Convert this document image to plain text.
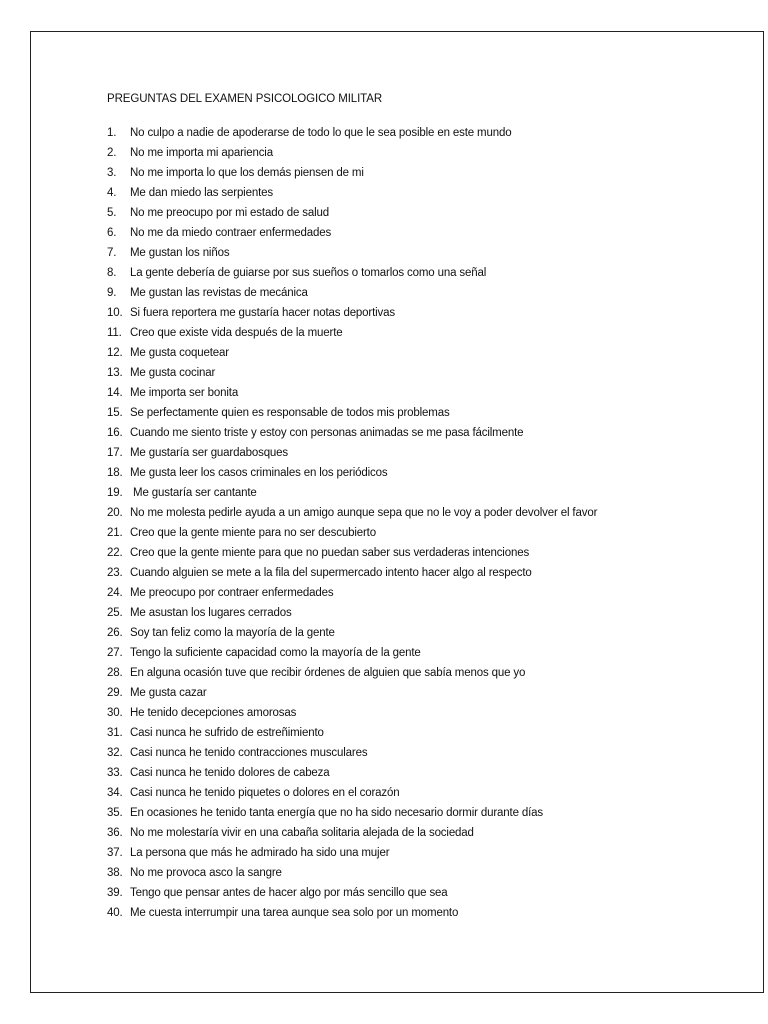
PREGUNTAS DEL EXAMEN PSICOLOGICO MILITAR
1. No culpo a nadie de apoderarse de todo lo que le sea posible en este mundo
2. No me importa mi apariencia
3. No me importa lo que los demás piensen de mi
4. Me dan miedo las serpientes
5. No me preocupo por mi estado de salud
6. No me da miedo contraer enfermedades
7. Me gustan los niños
8. La gente debería de guiarse por sus sueños o tomarlos como una señal
9. Me gustan las revistas de mecánica
10. Si fuera reportera me gustaría hacer notas deportivas
11. Creo que existe vida después de la muerte
12. Me gusta coquetear
13. Me gusta cocinar
14. Me importa ser bonita
15. Se perfectamente quien es responsable de todos mis problemas
16. Cuando me siento triste y estoy con personas animadas se me pasa fácilmente
17. Me gustaría ser guardabosques
18. Me gusta leer los casos criminales en los periódicos
19. Me gustaría ser cantante
20. No me molesta pedirle ayuda a un amigo aunque sepa que no le voy a poder devolver el favor
21. Creo que la gente miente para no ser descubierto
22. Creo que la gente miente para que no puedan saber sus verdaderas intenciones
23. Cuando alguien se mete a la fila del supermercado intento hacer algo al respecto
24. Me preocupo por contraer enfermedades
25. Me asustan los lugares cerrados
26. Soy tan feliz como la mayoría de la gente
27. Tengo la suficiente capacidad como la mayoría de la gente
28. En alguna ocasión tuve que recibir órdenes de alguien que sabía menos que yo
29. Me gusta cazar
30. He tenido decepciones amorosas
31. Casi nunca he sufrido de estreñimiento
32. Casi nunca he tenido contracciones musculares
33. Casi nunca he tenido dolores de cabeza
34. Casi nunca he tenido piquetes o dolores en el corazón
35. En ocasiones he tenido tanta energía que no ha sido necesario dormir durante días
36. No me molestaría vivir en una cabaña solitaria alejada de la sociedad
37. La persona que más he admirado ha sido una mujer
38. No me provoca asco la sangre
39. Tengo que pensar antes de hacer algo por más sencillo que sea
40. Me cuesta interrumpir una tarea aunque sea solo por un momento
